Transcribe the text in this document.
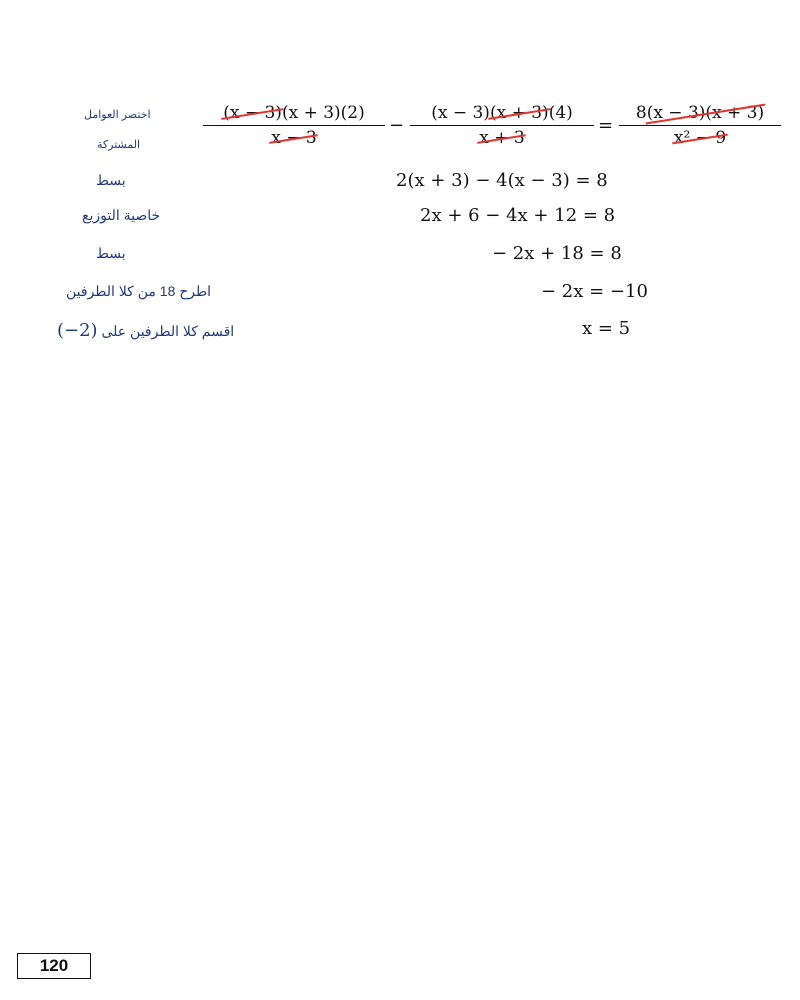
اختصر العوامل
المشتركة
بسط
خاصية التوزيع
بسط
اطرح 18 من كلا الطرفين
(−2) اقسم كلا الطرفين على
(x − 3)(x + 3)(2)
x − 3
−
(x − 3)(x + 3)(4)
x + 3
=
8(x − 3)(x + 3)
x² − 9
2(x + 3) − 4(x − 3) = 8
2x + 6 − 4x + 12 = 8
− 2x + 18 = 8
− 2x = −10
x = 5
120
